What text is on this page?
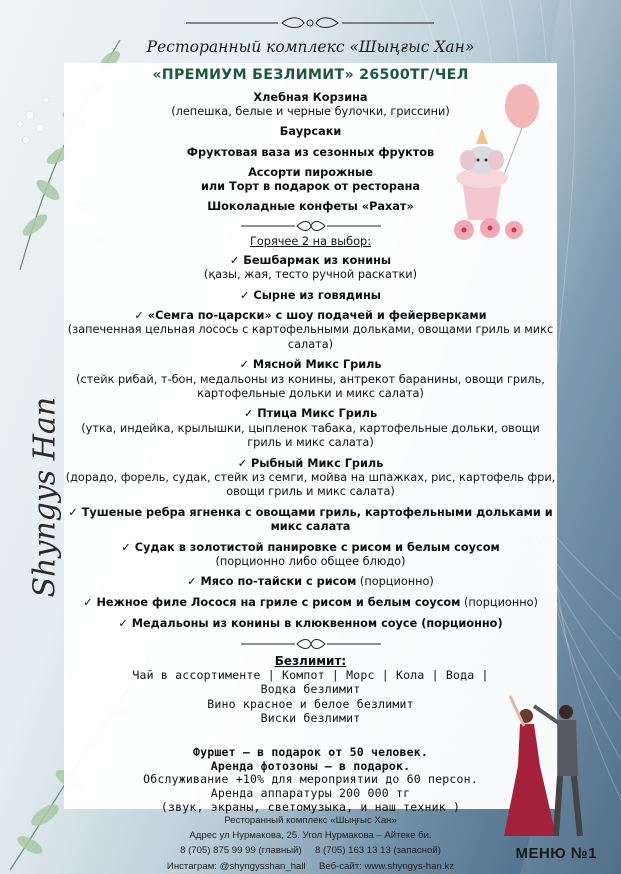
Ресторанный комплекс «Шыңғыс Хан»
Shyngys Han
«ПРЕМИУМ БЕЗЛИМИТ» 26500ТГ/ЧЕЛ
Хлебная Корзина
(лепешка, белые и черные булочки, гриссини)
Баурсаки
Фруктовая ваза из сезонных фруктов
Ассорти пирожные
или Торт в подарок от ресторана
Шоколадные конфеты «Рахат»
Горячее 2 на выбор:
✓ Бешбармак из конины
(қазы, жая, тесто ручной раскатки)
✓ Сырне из говядины
✓ «Семга по-царски» с шоу подачей и фейерверками
(запеченная цельная лосось с картофельными дольками, овощами гриль и микс салата)
✓ Мясной Микс Гриль
(стейк рибай, т-бон, медальоны из конины, антрекот баранины, овощи гриль, картофельные дольки и микс салата)
✓ Птица Микс Гриль
(утка, индейка, крылышки, цыпленок табака, картофельные дольки, овощи гриль и микс салата)
✓ Рыбный Микс Гриль
(дорадо, форель, судак, стейк из семги, мойва на шпажках, рис, картофель фри, овощи гриль и микс салата)
✓ Тушеные ребра ягненка с овощами гриль, картофельными дольками и микс салата
✓ Судак в золотистой панировке с рисом и белым соусом
(порционно либо общее блюдо)
✓ Мясо по-тайски с рисом (порционно)
✓ Нежное филе Лосося на гриле с рисом и белым соусом (порционно)
✓ Медальоны из конины в клюквенном соусе (порционно)
Безлимит:
Чай в ассортименте | Компот | Морс | Кола | Вода |
Водка безлимит
Вино красное и белое безлимит
Виски безлимит
Фуршет – в подарок от 50 человек.
Аренда фотозоны – в подарок.
Обслуживание +10% для мероприятии до 60 персон.
Аренда аппаратуры 200 000 тг
(звук, экраны, светомузыка, и наш техник )
Ресторанный комплекс «Шыңғыс Хан»
Адрес ул Нурмакова, 25. Угол Нурмакова – Айтеке би.
8 (705) 875 99 99 (главный)     8 (705) 163 13 13 (запасной)
Инстаграм: @shyngysshan_hall     Веб-сайт: www.shyngys-han.kz
МЕНЮ №1
